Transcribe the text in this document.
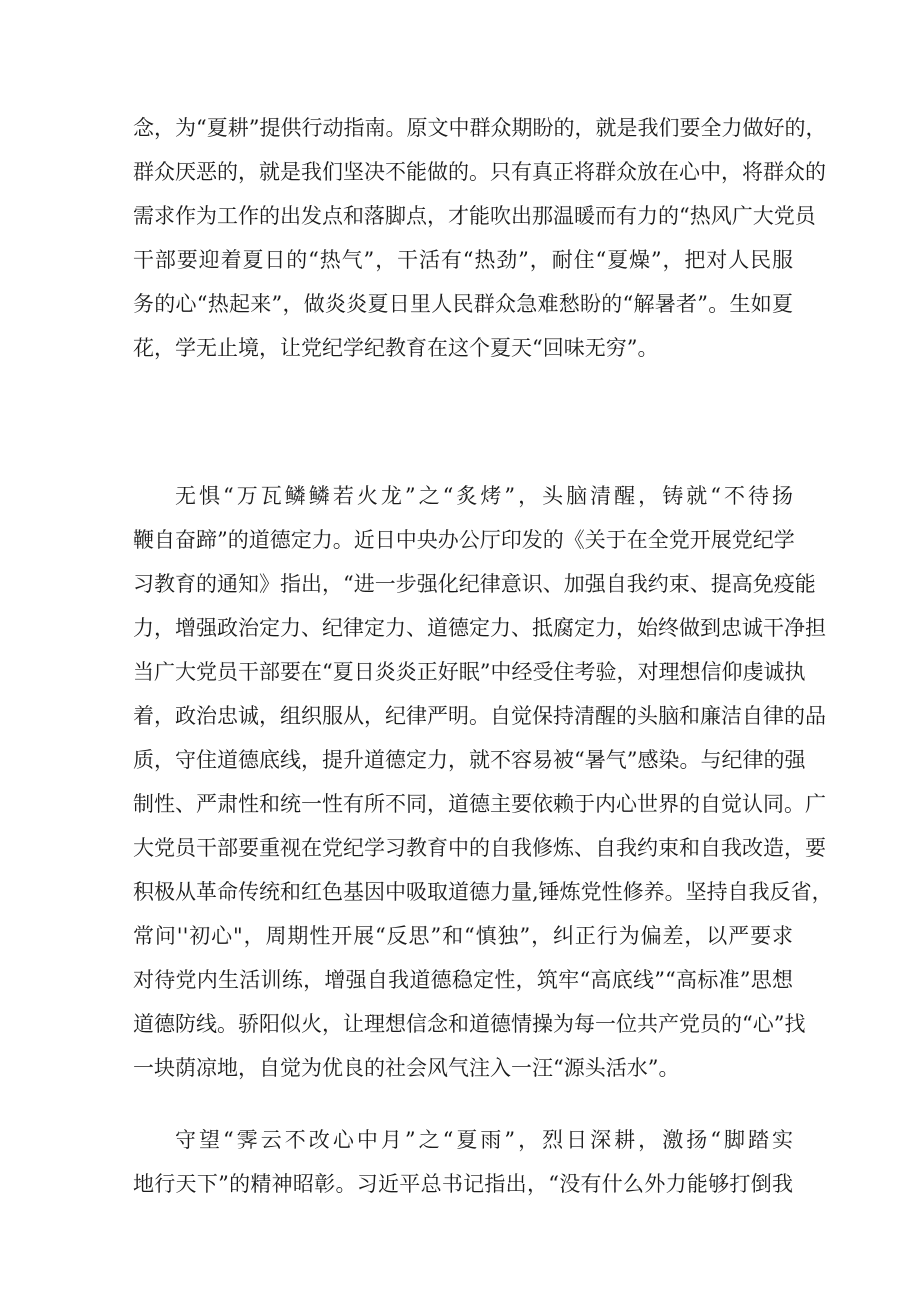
念，为“夏耕”提供行动指南。原文中群众期盼的，就是我们要全力做好的，
群众厌恶的，就是我们坚决不能做的。只有真正将群众放在心中，将群众的
需求作为工作的出发点和落脚点，才能吹出那温暖而有力的“热风广大党员
干部要迎着夏日的“热气”，干活有“热劲”，耐住“夏燥”，把对人民服
务的心“热起来”，做炎炎夏日里人民群众急难愁盼的“解暑者”。生如夏
花，学无止境，让党纪学纪教育在这个夏天“回味无穷”。
无惧“万瓦鳞鳞若火龙”之“炙烤”，头脑清醒，铸就“不待扬
鞭自奋蹄”的道德定力。近日中央办公厅印发的《关于在全党开展党纪学
习教育的通知》指出，“进一步强化纪律意识、加强自我约束、提高免疫能
力，增强政治定力、纪律定力、道德定力、抵腐定力，始终做到忠诚干净担
当广大党员干部要在“夏日炎炎正好眠”中经受住考验，对理想信仰虔诚执
着，政治忠诚，组织服从，纪律严明。自觉保持清醒的头脑和廉洁自律的品
质，守住道德底线，提升道德定力，就不容易被“暑气”感染。与纪律的强
制性、严肃性和统一性有所不同，道德主要依赖于内心世界的自觉认同。广
大党员干部要重视在党纪学习教育中的自我修炼、自我约束和自我改造，要
积极从革命传统和红色基因中吸取道德力量,锤炼党性修养。坚持自我反省，
常问''初心"，周期性开展“反思”和“慎独”，纠正行为偏差，以严要求
对待党内生活训练，增强自我道德稳定性，筑牢“高底线”“高标准”思想
道德防线。骄阳似火，让理想信念和道德情操为每一位共产党员的“心”找
一块荫凉地，自觉为优良的社会风气注入一汪“源头活水”。
守望“霁云不改心中月”之“夏雨”，烈日深耕，激扬“脚踏实
地行天下”的精神昭彰。习近平总书记指出，“没有什么外力能够打倒我
